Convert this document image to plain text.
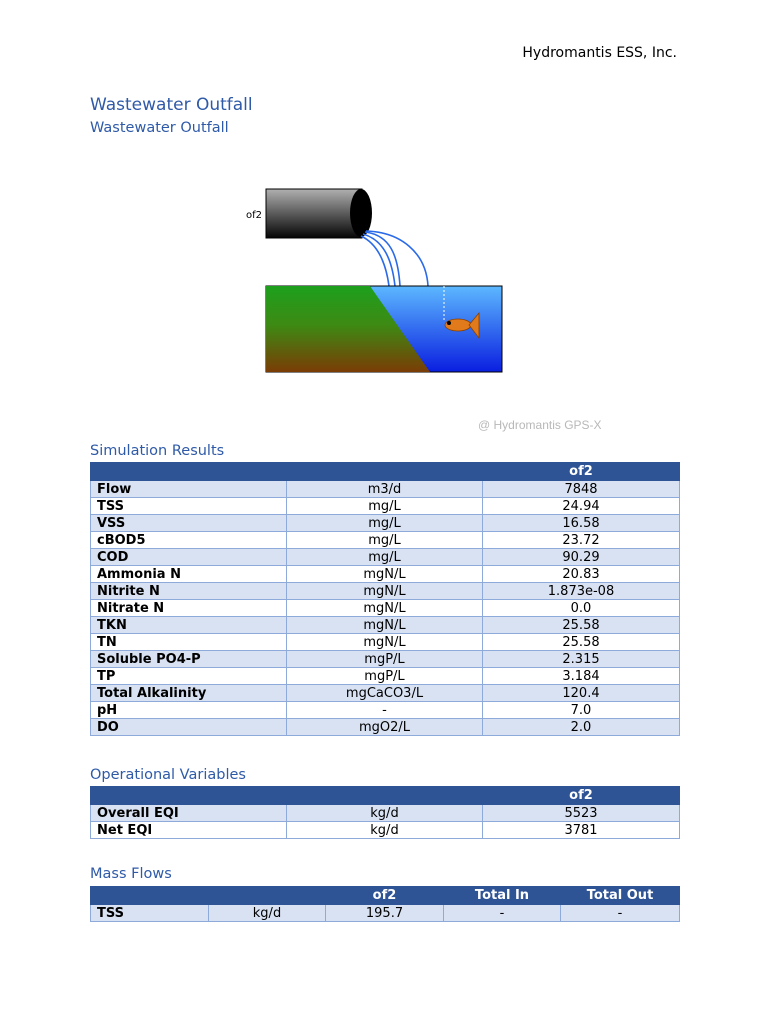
Hydromantis ESS, Inc.
Wastewater Outfall
Wastewater Outfall
of2
@ Hydromantis GPS-X
Simulation Results
		of2
Flow	m3/d	7848
TSS	mg/L	24.94
VSS	mg/L	16.58
cBOD5	mg/L	23.72
COD	mg/L	90.29
Ammonia N	mgN/L	20.83
Nitrite N	mgN/L	1.873e-08
Nitrate N	mgN/L	0.0
TKN	mgN/L	25.58
TN	mgN/L	25.58
Soluble PO4-P	mgP/L	2.315
TP	mgP/L	3.184
Total Alkalinity	mgCaCO3/L	120.4
pH	-	7.0
DO	mgO2/L	2.0
Operational Variables
		of2
Overall EQI	kg/d	5523
Net EQI	kg/d	3781
Mass Flows
		of2	Total In	Total Out
TSS	kg/d	195.7	-	-
